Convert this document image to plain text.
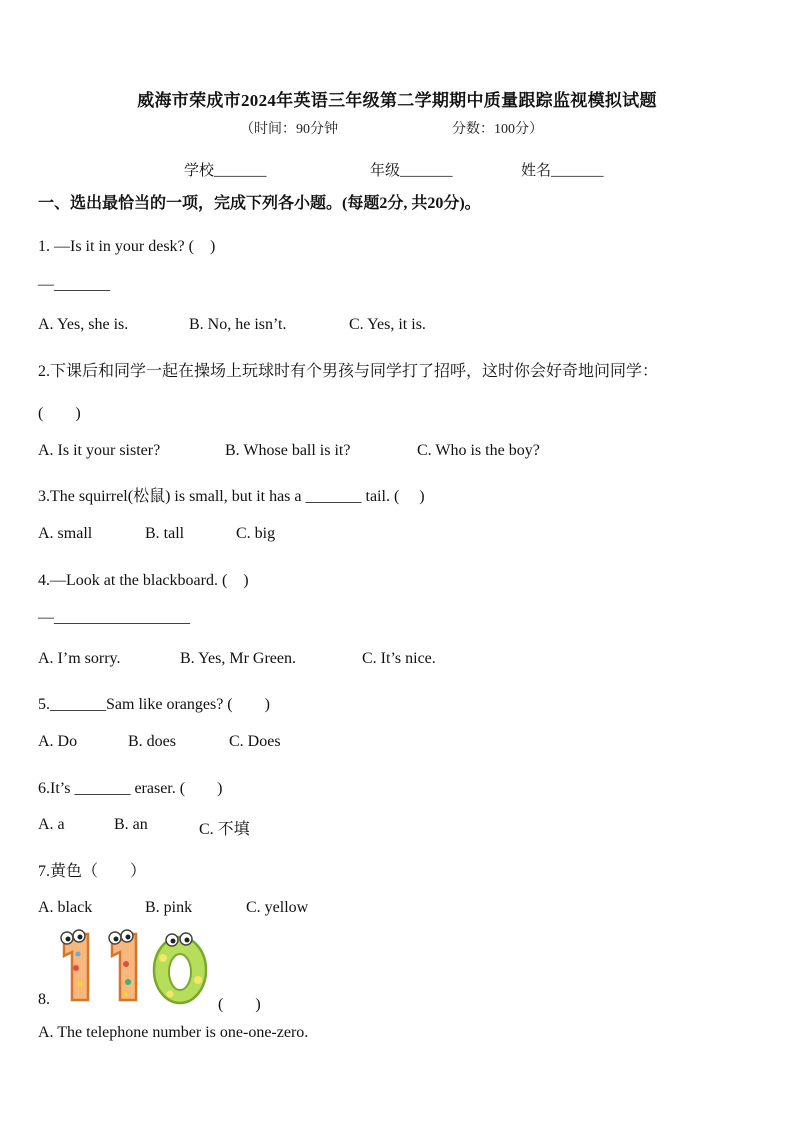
威海市荣成市2024年英语三年级第二学期期中质量跟踪监视模拟试题
（时间：90分钟	分数：100分）
学校_______	年级_______	姓名_______
一、选出最恰当的一项，完成下列各小题。(每题2分, 共20分)。
1. —Is it in your desk? (　)
—_______
A. Yes, she is.	B. No, he isn’t.	C. Yes, it is.
2.下课后和同学一起在操场上玩球时有个男孩与同学打了招呼，这时你会好奇地问同学：
(　　)
A. Is it your sister?	B. Whose ball is it?	C. Who is the boy?
3.The squirrel(松鼠) is small, but it has a _______ tail. (　 )
A. small	B. tall	C. big
4.—Look at the blackboard. (　)
—_________________
A. I’m sorry.	B. Yes, Mr Green.	C. It’s nice.
5._______Sam like oranges? (　　)
A. Do	B. does	C. Does
6.It’s _______ eraser. (　　)
A. a	B. an	C. 不填
7.黄色（　　）
A. black	B. pink	C. yellow
8.	(　　)
A. The telephone number is one-one-zero.
